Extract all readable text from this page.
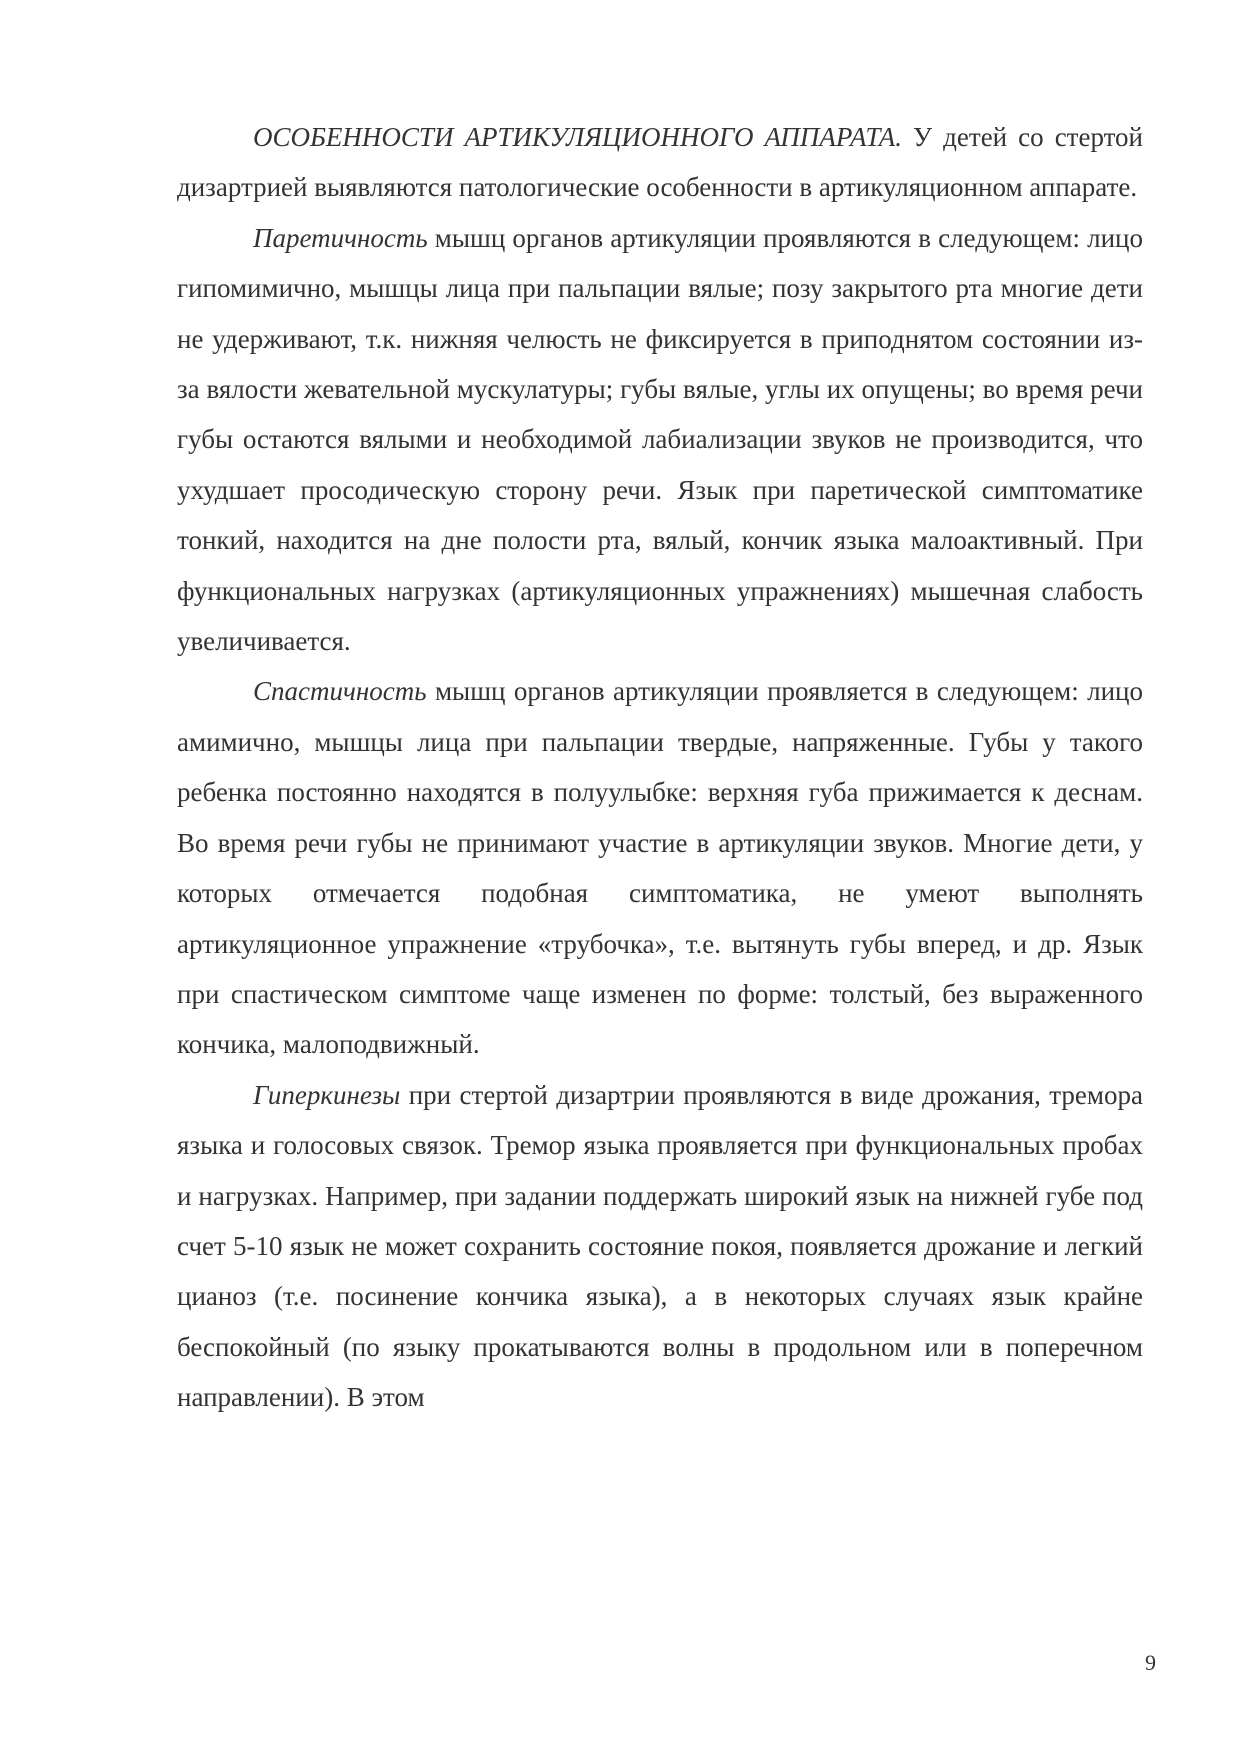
ОСОБЕННОСТИ АРТИКУЛЯЦИОННОГО АППАРАТА. У детей со стертой дизартрией выявляются патологические особенности в артикуляционном аппарате.

Паретичность мышц органов артикуляции проявляются в следующем: лицо гипомимично, мышцы лица при пальпации вялые; позу закрытого рта многие дети не удерживают, т.к. нижняя челюсть не фиксируется в приподнятом состоянии из-за вялости жевательной мускулатуры; губы вялые, углы их опущены; во время речи губы остаются вялыми и необходимой лабиализации звуков не производится, что ухудшает просодическую сторону речи. Язык при паретической симптоматике тонкий, находится на дне полости рта, вялый, кончик языка малоактивный. При функциональных нагрузках (артикуляционных упражнениях) мышечная слабость увеличивается.

Спастичность мышц органов артикуляции проявляется в следующем: лицо амимично, мышцы лица при пальпации твердые, напряженные. Губы у такого ребенка постоянно находятся в полуулыбке: верхняя губа прижимается к деснам. Во время речи губы не принимают участие в артикуляции звуков. Многие дети, у которых отмечается подобная симптоматика, не умеют выполнять артикуляционное упражнение «трубочка», т.е. вытянуть губы вперед, и др. Язык при спастическом симптоме чаще изменен по форме: толстый, без выраженного кончика, малоподвижный.

Гиперкинезы при стертой дизартрии проявляются в виде дрожания, тремора языка и голосовых связок. Тремор языка проявляется при функциональных пробах и нагрузках. Например, при задании поддержать широкий язык на нижней губе под счет 5-10 язык не может сохранить состояние покоя, появляется дрожание и легкий цианоз (т.е. посинение кончика языка), а в некоторых случаях язык крайне беспокойный (по языку прокатываются волны в продольном или в поперечном направлении). В этом

9
